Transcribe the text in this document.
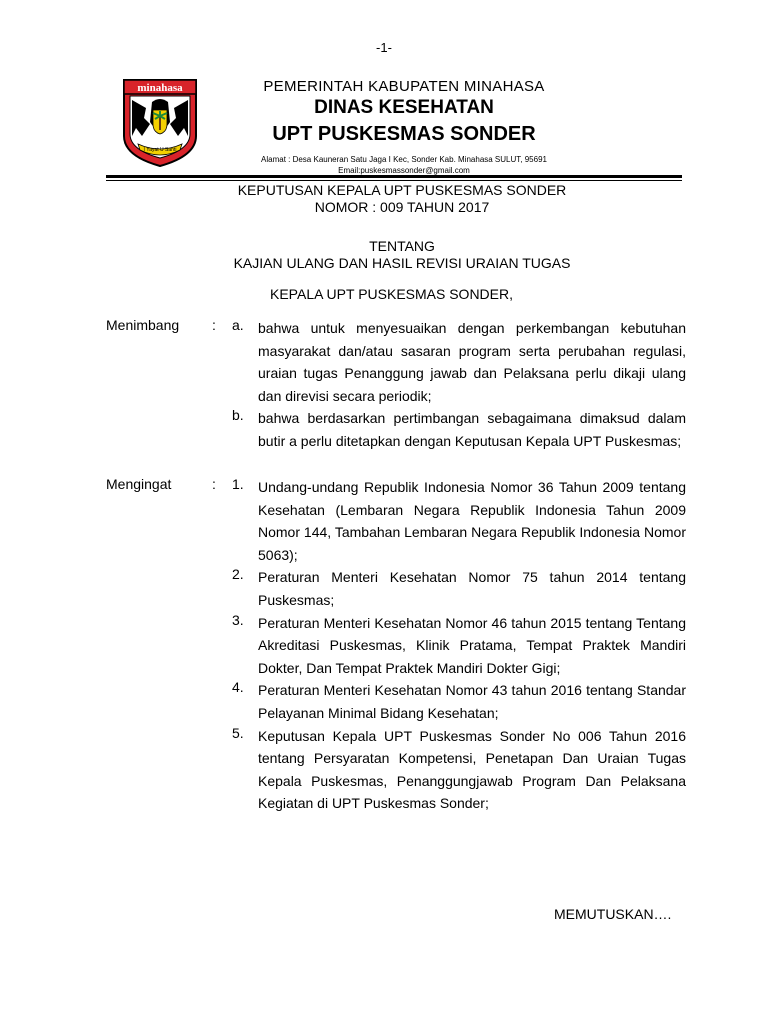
-1-
minahasa
I Yayat U Santi
PEMERINTAH KABUPATEN MINAHASA
DINAS KESEHATAN
UPT PUSKESMAS SONDER
Alamat : Desa Kauneran Satu Jaga I Kec, Sonder Kab. Minahasa SULUT, 95691
Email:puskesmassonder@gmail.com
KEPUTUSAN KEPALA UPT PUSKESMAS SONDER
NOMOR : 009 TAHUN 2017
TENTANG
KAJIAN ULANG DAN HASIL REVISI URAIAN TUGAS
KEPALA UPT PUSKESMAS SONDER,
Menimbang : a. bahwa untuk menyesuaikan dengan perkembangan kebutuhan masyarakat dan/atau sasaran program serta perubahan regulasi, uraian tugas Penanggung jawab dan Pelaksana perlu dikaji ulang dan direvisi secara periodik;

b. bahwa berdasarkan pertimbangan sebagaimana dimaksud dalam butir a perlu ditetapkan dengan Keputusan Kepala UPT Puskesmas;

Mengingat	: 1. Undang-undang Republik Indonesia Nomor 36 Tahun 2009 tentang Kesehatan (Lembaran Negara Republik Indonesia Tahun 2009 Nomor 144, Tambahan Lembaran Negara Republik Indonesia Nomor 5063);

2. Peraturan Menteri Kesehatan Nomor 75 tahun 2014 tentang Puskesmas;

3. Peraturan Menteri Kesehatan Nomor 46 tahun 2015 tentang Tentang Akreditasi Puskesmas, Klinik Pratama, Tempat Praktek Mandiri Dokter, Dan Tempat Praktek Mandiri Dokter Gigi;

4. Peraturan Menteri Kesehatan Nomor 43 tahun 2016 tentang Standar Pelayanan Minimal Bidang Kesehatan;

5. Keputusan Kepala UPT Puskesmas Sonder No 006 Tahun 2016 tentang Persyaratan Kompetensi, Penetapan Dan Uraian Tugas Kepala Puskesmas, Penanggungjawab Program Dan Pelaksana Kegiatan di UPT Puskesmas Sonder;

MEMUTUSKAN….
